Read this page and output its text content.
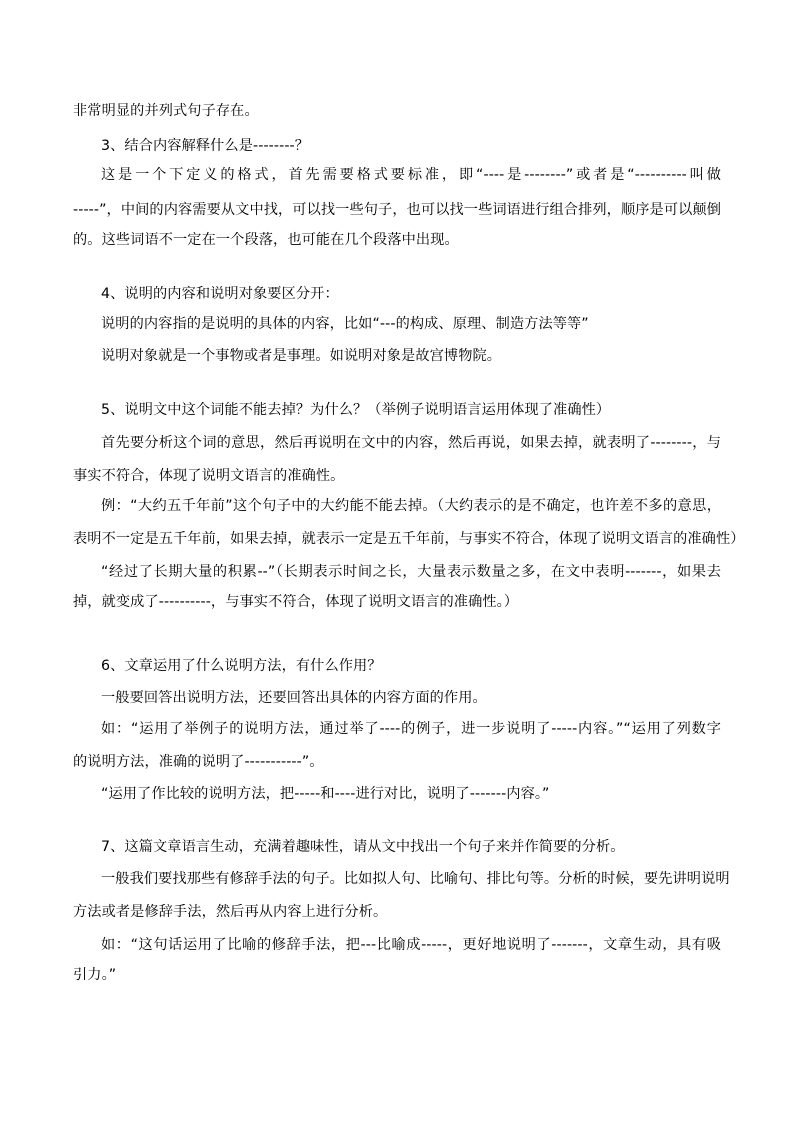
非常明显的并列式句子存在。
3、结合内容解释什么是--------？
这是一个下定义的格式，首先需要格式要标准，即“----是--------”或者是“----------叫做
-----”，中间的内容需要从文中找，可以找一些句子，也可以找一些词语进行组合排列，顺序是可以颠倒
的。这些词语不一定在一个段落，也可能在几个段落中出现。
4、说明的内容和说明对象要区分开：
说明的内容指的是说明的具体的内容，比如“---的构成、原理、制造方法等等”
说明对象就是一个事物或者是事理。如说明对象是故宫博物院。
5、说明文中这个词能不能去掉？为什么？（举例子说明语言运用体现了准确性）
首先要分析这个词的意思，然后再说明在文中的内容，然后再说，如果去掉，就表明了--------，与
事实不符合，体现了说明文语言的准确性。
例：“大约五千年前”这个句子中的大约能不能去掉。（大约表示的是不确定，也许差不多的意思，
表明不一定是五千年前，如果去掉，就表示一定是五千年前，与事实不符合，体现了说明文语言的准确性）
“经过了长期大量的积累--”（长期表示时间之长，大量表示数量之多，在文中表明-------，如果去
掉，就变成了----------，与事实不符合，体现了说明文语言的准确性。）
6、文章运用了什么说明方法，有什么作用？
一般要回答出说明方法，还要回答出具体的内容方面的作用。
如：“运用了举例子的说明方法，通过举了----的例子，进一步说明了-----内容。”“运用了列数字
的说明方法，准确的说明了-----------”。
“运用了作比较的说明方法，把-----和----进行对比，说明了-------内容。”
7、这篇文章语言生动，充满着趣味性，请从文中找出一个句子来并作简要的分析。
一般我们要找那些有修辞手法的句子。比如拟人句、比喻句、排比句等。分析的时候，要先讲明说明
方法或者是修辞手法，然后再从内容上进行分析。
如：“这句话运用了比喻的修辞手法，把---比喻成-----，更好地说明了-------，文章生动，具有吸
引力。”
